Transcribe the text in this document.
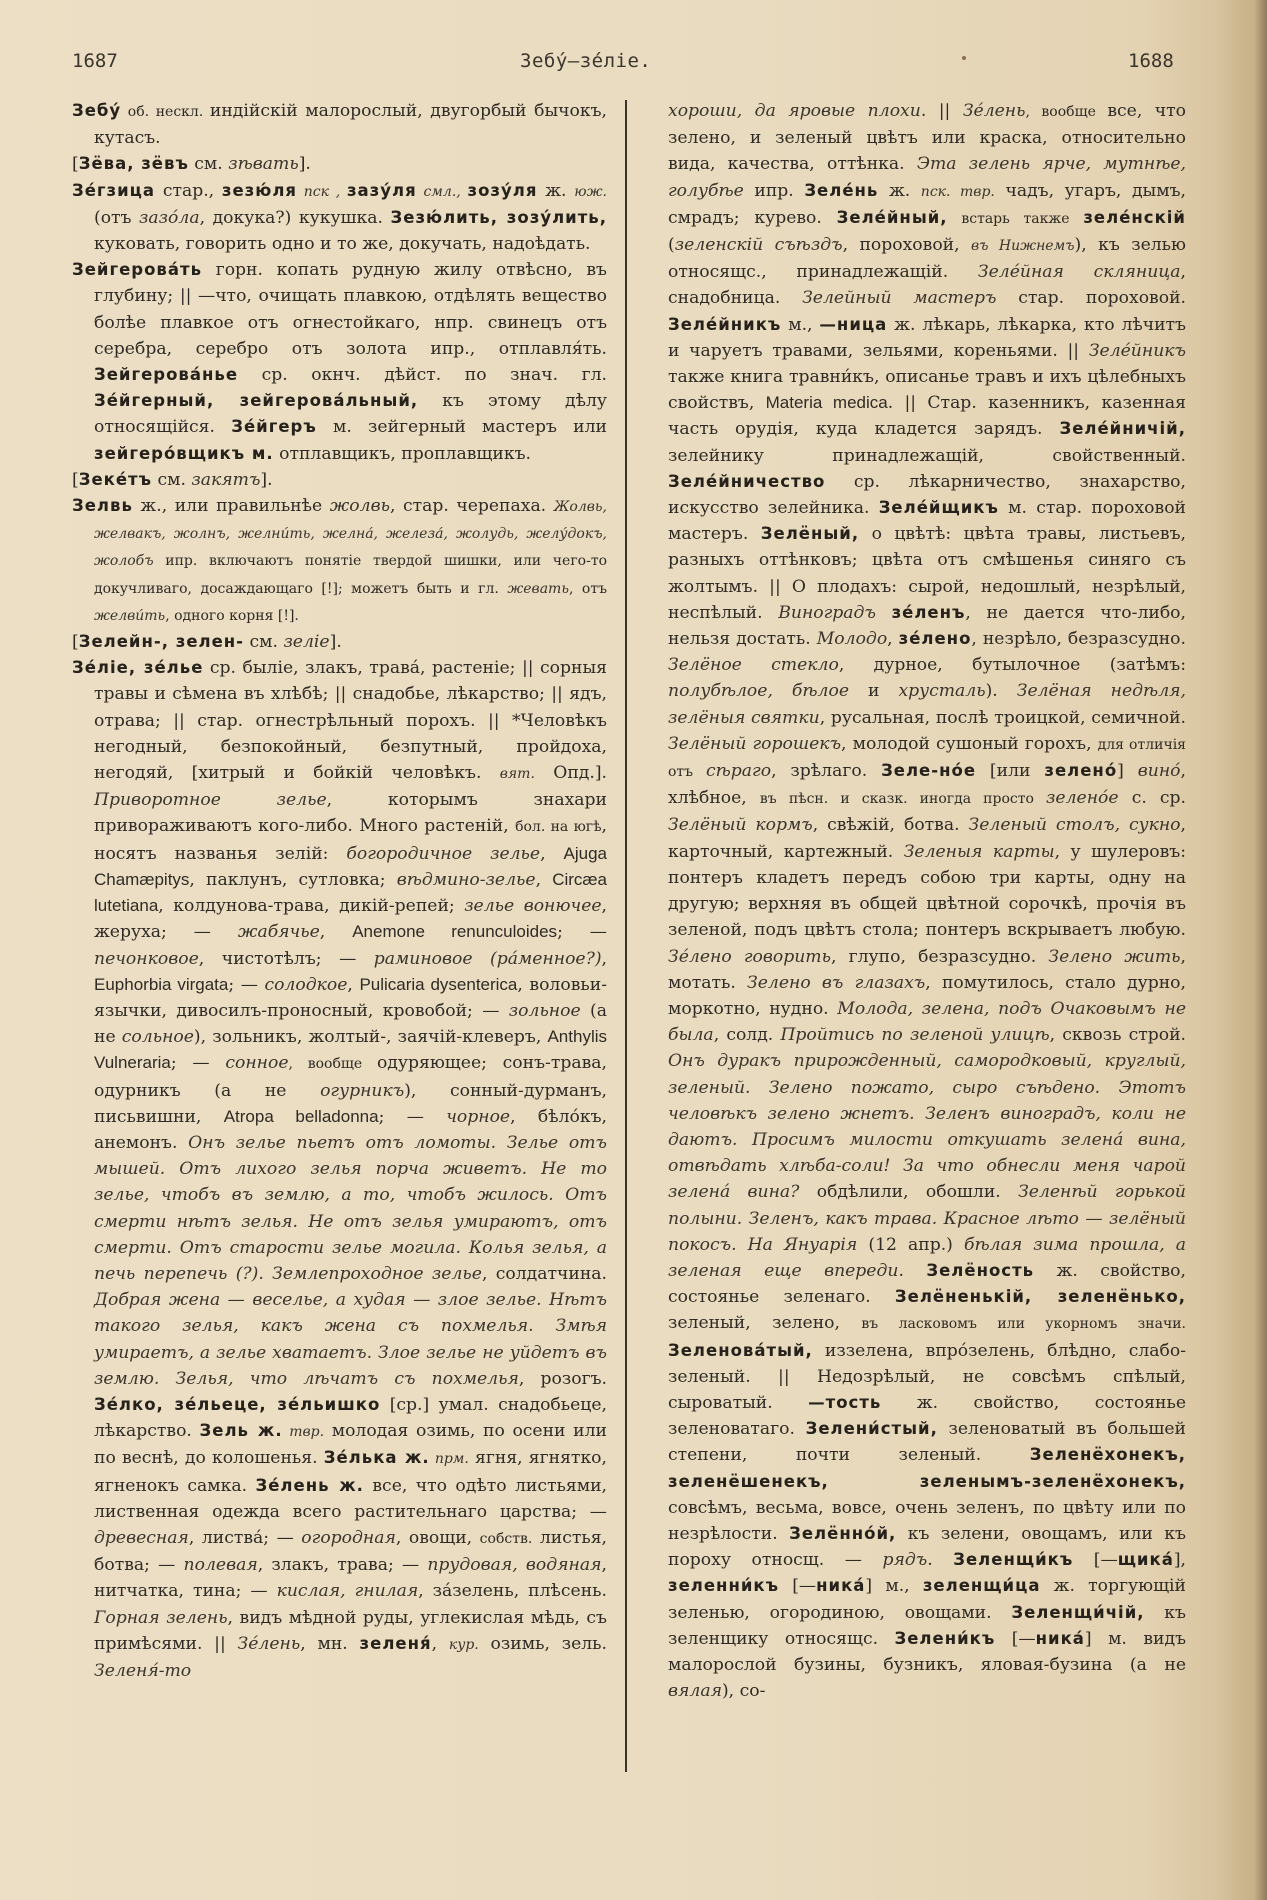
1687	Зебу́—зе́ліе.	1688

Зебу́ об. нескл. индійскій малорослый, двугорбый бычокъ, кутасъ.

[Зёва, зёвъ см. зѣвать].

Зе́гзица стар., зезю́ля пск , зазу́ля смл., зозу́ля ж. юж. (отъ зазо́ла, докука?) кукушка. Зезю́лить, зозу́лить, куковать, говорить одно и то же, докучать, надоѣдать.

Зейгерова́ть горн. копать рудную жилу отвѣсно, въ глубину; || —что, очищать плавкою, отдѣлять вещество болѣе плавкое отъ огнестойкаго, нпр. свинецъ отъ серебра, серебро отъ золота ипр., отплавля́ть. Зейгерова́нье ср. окнч. дѣйст. по знач. гл. Зе́йгерный, зейгерова́льный, къ этому дѣлу относящійся. Зе́йгеръ м. зейгерный мастеръ или зейгеро́вщикъ м. отплавщикъ, проплавщикъ.

[Зеке́тъ см. закятъ].

Зелвь ж., или правильнѣе жолвь, стар. черепаха. Жолвь, желвакъ, жолнъ, желни́ть, желна́, железа́, жолудь, желу́докъ, жолобъ ипр. включаютъ понятіе твердой шишки, или чего-то докучливаго, досаждающаго [!]; можетъ быть и гл. жевать, отъ желви́ть, одного корня [!].

[Зелейн-, зелен- см. зеліе].

Зе́ліе, зе́лье ср. быліе, злакъ, трава́, растеніе; || сорныя травы и сѣмена въ хлѣбѣ; || снадобье, лѣкарство; || ядъ, отрава; || стар. огнестрѣльный порохъ. || *Человѣкъ негодный, безпокойный, безпутный, пройдоха, негодяй, [хитрый и бойкій человѣкъ. вят. Опд.]. Приворотное зелье, которымъ знахари привораживаютъ кого-либо. Много растеній, бол. на югѣ, носятъ названья зелій: богородичное зелье, Ajuga Chamæpitys, паклунъ, сутловка; вѣдмино-зелье, Circæa lutetiana, колдунова-трава, дикій-репей; зелье вонючее, жеруха; — жабячье, Anemone renunculoides; — печонковое, чистотѣлъ; — раминовое (ра́менное?), Euphorbia virgata; — солодкое, Pulicaria dysenterica, воловьи-язычки, дивосилъ-проносный, кровобой; — зольное (а не сольное), зольникъ, жолтый-, заячій-клеверъ, Anthylis Vulneraria; — сонное, вообще одуряющее; сонъ-трава, одурникъ (а не огурникъ), сонный-дурманъ, письвишни, Atropa belladonna; — чорное, бѣло́къ, анемонъ. Онъ зелье пьетъ отъ ломоты. Зелье отъ мышей. Отъ лихого зелья порча живетъ. Не то зелье, чтобъ въ землю, а то, чтобъ жилось. Отъ смерти нѣтъ зелья. Не отъ зелья умираютъ, отъ смерти. Отъ старости зелье могила. Колья зелья, а печь перепечь (?). Землепроходное зелье, солдатчина. Добрая жена — веселье, а худая — злое зелье. Нѣтъ такого зелья, какъ жена съ похмелья. Змѣя умираетъ, а зелье хватаетъ. Злое зелье не уйдетъ въ землю. Зелья, что лѣчатъ съ похмелья, розогъ. Зе́лко, зе́льеце, зе́льишко [ср.] умал. снадобьеце, лѣкарство. Зель ж. твр. молодая озимь, по осени или по веснѣ, до колошенья. Зе́лька ж. прм. ягня, ягнятко, ягненокъ самка. Зе́лень ж. все, что одѣто листьями, лиственная одежда всего растительнаго царства; — древесная, листва́; — огородная, овощи, собств. листья, ботва; — полевая, злакъ, трава; — прудовая, водяная, нитчатка, тина; — кислая, гнилая, за́зелень, плѣсень. Горная зелень, видъ мѣдной руды, углекислая мѣдь, съ примѣсями. || Зе́лень, мн. зеленя́, кур. озимь, зель. Зеленя́-то

хороши, да яровые плохи. || Зе́лень, вообще все, что зелено, и зеленый цвѣтъ или краска, относительно вида, качества, оттѣнка. Эта зелень ярче, мутнѣе, голубѣе ипр. Зеле́нь ж. пск. твр. чадъ, угаръ, дымъ, смрадъ; курево. Зеле́йный, встарь также зеле́нскій (зеленскій съѣздъ, пороховой, въ Нижнемъ), къ зелью относящс., принадлежащій. Зеле́йная скляница, снадобница. Зелейный мастеръ стар. пороховой. Зеле́йникъ м., —ница ж. лѣкарь, лѣкарка, кто лѣчитъ и чаруетъ травами, зельями, кореньями. || Зеле́йникъ также книга травни́къ, описанье травъ и ихъ цѣлебныхъ свойствъ, Materia medica. || Стар. казенникъ, казенная часть орудія, куда кладется зарядъ. Зеле́йничій, зелейнику принадлежащій, свойственный. Зеле́йничество ср. лѣкарничество, знахарство, искусство зелейника. Зеле́йщикъ м. стар. пороховой мастеръ. Зелёный, о цвѣтѣ: цвѣта травы, листьевъ, разныхъ оттѣнковъ; цвѣта отъ смѣшенья синяго съ жолтымъ. || О плодахъ: сырой, недошлый, незрѣлый, неспѣлый. Виноградъ зе́ленъ, не дается что-либо, нельзя достать. Молодо, зе́лено, незрѣло, безразсудно. Зелёное стекло, дурное, бутылочное (затѣмъ: полубѣлое, бѣлое и хрусталь). Зелёная недѣля, зелёныя святки, русальная, послѣ троицкой, семичной. Зелёный горошекъ, молодой сушоный горохъ, для отличія отъ сѣраго, зрѣлаго. Зеле-но́е [или зелено́] вино́, хлѣбное, въ пѣсн. и сказк. иногда просто зелено́е с. ср. Зелёный кормъ, свѣжій, ботва. Зеленый столъ, сукно, карточный, картежный. Зеленыя карты, у шулеровъ: понтеръ кладетъ передъ собою три карты, одну на другую; верхняя въ общей цвѣтной сорочкѣ, прочія въ зеленой, подъ цвѣтъ стола; понтеръ вскрываетъ любую. Зе́лено говорить, глупо, безразсудно. Зелено жить, мотать. Зелено въ глазахъ, помутилось, стало дурно, моркотно, нудно. Молода, зелена, подъ Очаковымъ не была, солд. Пройтись по зеленой улицѣ, сквозь строй. Онъ дуракъ прирожденный, самородковый, круглый, зеленый. Зелено пожато, сыро съѣдено. Этотъ человѣкъ зелено жнетъ. Зеленъ виноградъ, коли не даютъ. Просимъ милости откушать зелена́ вина, отвѣдать хлѣба-соли! За что обнесли меня чарой зелена́ вина? обдѣлили, обошли. Зеленѣй горькой полыни. Зеленъ, какъ трава. Красное лѣто — зелёный покосъ. На Януарія (12 апр.) бѣлая зима прошла, а зеленая еще впереди. Зелёность ж. свойство, состоянье зеленаго. Зелёненькій, зеленёнько, зеленый, зелено, въ ласковомъ или укорномъ значи. Зеленова́тый, иззелена, впро́зелень, блѣдно, слабо-зеленый. || Недозрѣлый, не совсѣмъ спѣлый, сыроватый. —тость ж. свойство, состоянье зеленоватаго. Зелени́стый, зеленоватый въ большей степени, почти зеленый. Зеленёхонекъ, зеленёшенекъ, зеленымъ-зеленёхонекъ, совсѣмъ, весьма, вовсе, очень зеленъ, по цвѣту или по незрѣлости. Зелённо́й, къ зелени, овощамъ, или къ пороху относщ. — рядъ. Зеленщи́къ [—щика́], зеленни́къ [—ника́] м., зеленщи́ца ж. торгующій зеленью, огородиною, овощами. Зеленщи́чій, къ зеленщику относящс. Зелени́къ [—ника́] м. видъ малорослой бузины, бузникъ, яловая-бузина (а не вялая), со-
